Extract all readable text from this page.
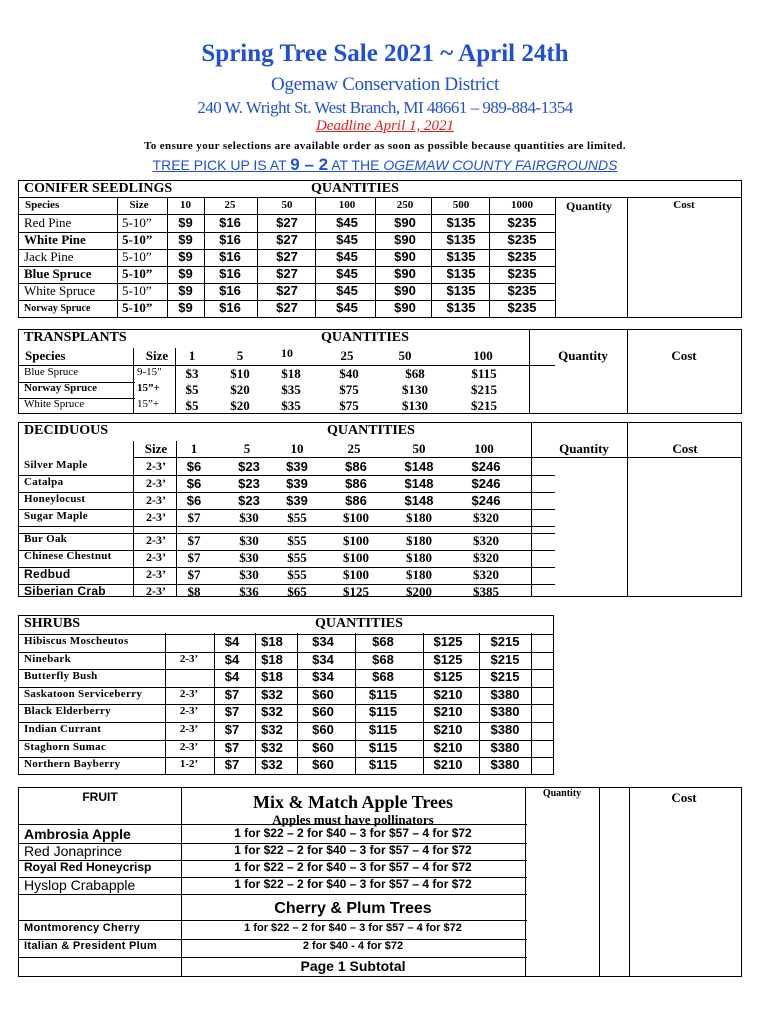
Spring Tree Sale 2021 ~ April 24th
Ogemaw Conservation District
240 W. Wright St. West Branch, MI 48661 – 989-884-1354
Deadline April 1, 2021
To ensure your selections are available order as soon as possible because quantities are limited.
TREE PICK UP IS AT 9 – 2 AT THE OGEMAW COUNTY FAIRGROUNDS
CONIFER SEEDLINGS	QUANTITIES
Species	Size	10	25	50	100	250	500	1000	Quantity	Cost
Red Pine	5-10”	$9	$16	$27	$45	$90	$135	$235
White Pine	5-10”	$9	$16	$27	$45	$90	$135	$235
Jack Pine	5-10”	$9	$16	$27	$45	$90	$135	$235
Blue Spruce 5-10”	$9	$16	$27	$45	$90	$135	$235
White Spruce 5-10”	$9	$16	$27	$45	$90	$135	$235
Norway Spruce 5-10”	$9	$16	$27	$45	$90	$135	$235
TRANSPLANTS	QUANTITIES
Species	Size	1	5	10	25	50	100	Quantity	Cost
Blue Spruce	9-15"	$3	$10	$18	$40	$68	$115
Norway Spruce	15”+	$5	$20	$35	$75	$130	$215
White Spruce	15”+	$5	$20	$35	$75	$130	$215
DECIDUOUS	QUANTITIES
Size	1	5	10	25	50	100	Quantity	Cost
Silver Maple	2-3’	$6	$23	$39	$86	$148	$246
Catalpa	2-3’	$6	$23	$39	$86	$148	$246
Honeylocust	2-3’	$6	$23	$39	$86	$148	$246
Sugar Maple	2-3’	$7	$30	$55	$100	$180	$320
Bur Oak	2-3’	$7	$30	$55	$100	$180	$320
Chinese Chestnut	2-3’	$7	$30	$55	$100	$180	$320
Redbud	2-3’	$7	$30	$55	$100	$180	$320
Siberian Crab	2-3’	$8	$36	$65	$125	$200	$385
SHRUBS	QUANTITIES
Hibiscus Moscheutos	$4	$18	$34	$68	$125	$215
Ninebark	2-3’	$4	$18	$34	$68	$125	$215
Butterfly Bush	$4	$18	$34	$68	$125	$215
Saskatoon Serviceberry	2-3’	$7	$32	$60	$115	$210	$380
Black Elderberry	2-3’	$7	$32	$60	$115	$210	$380
Indian Currant	2-3’	$7	$32	$60	$115	$210	$380
Staghorn Sumac	2-3’	$7	$32	$60	$115	$210	$380
Northern Bayberry	1-2’	$7	$32	$60	$115	$210	$380
FRUIT	Mix & Match Apple Trees
Apples must have pollinators
Quantity	Cost
Ambrosia Apple	1 for $22 – 2 for $40 – 3 for $57 – 4 for $72
Red Jonaprince	1 for $22 – 2 for $40 – 3 for $57 – 4 for $72
Royal Red Honeycrisp	1 for $22 – 2 for $40 – 3 for $57 – 4 for $72
Hyslop Crabapple	1 for $22 – 2 for $40 – 3 for $57 – 4 for $72
Cherry & Plum Trees
Montmorency Cherry	1 for $22 – 2 for $40 – 3 for $57 – 4 for $72
Italian & President Plum	2 for $40 - 4 for $72
Page 1 Subtotal
